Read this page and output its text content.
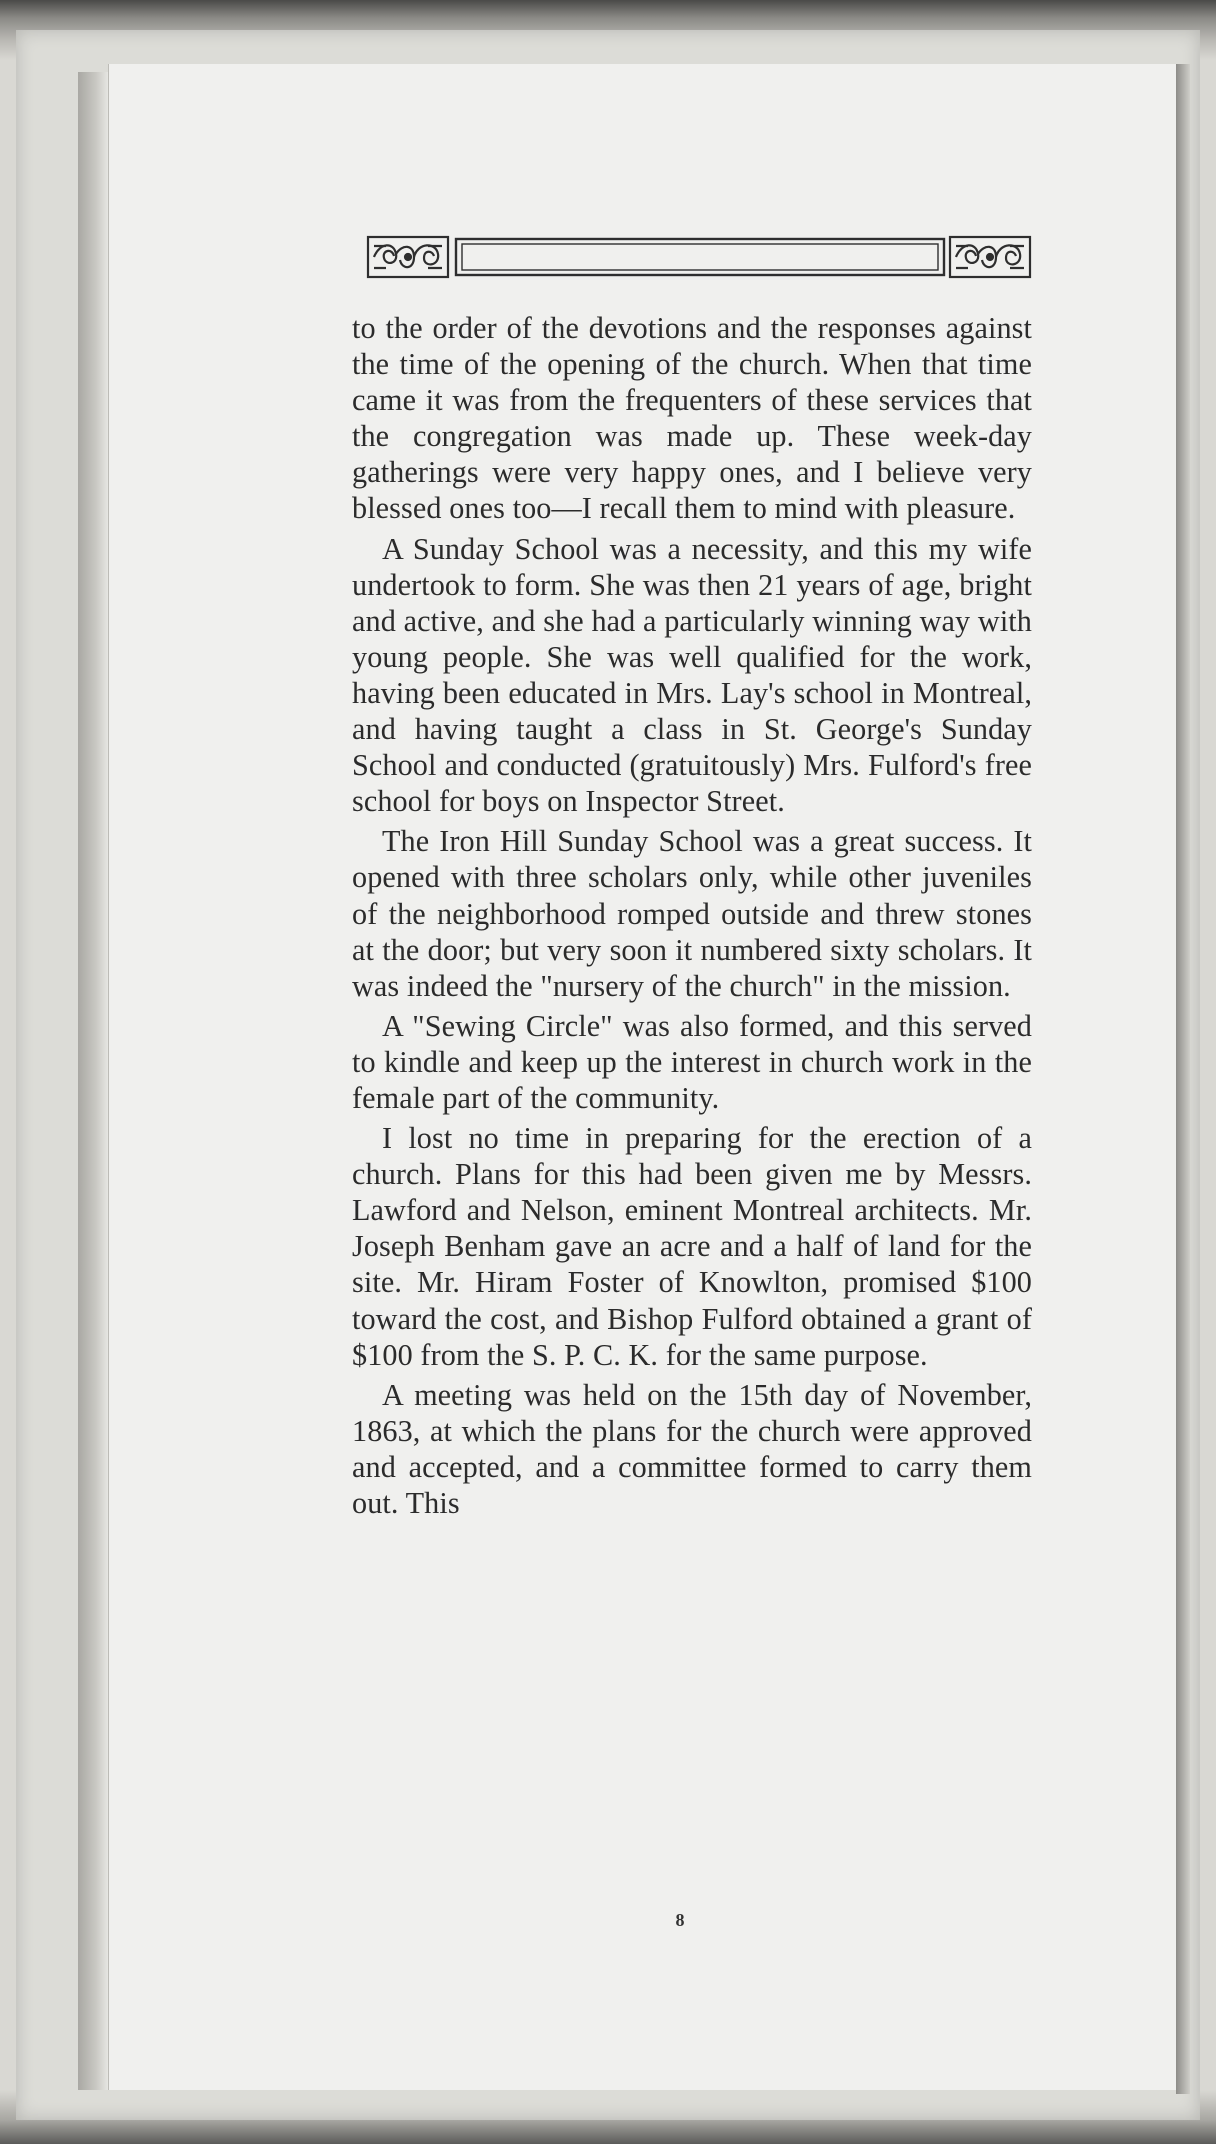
to the order of the devotions and the responses against the time of the opening of the church. When that time came it was from the frequenters of these services that the congregation was made up. These week-day gatherings were very happy ones, and I believe very blessed ones too—I recall them to mind with pleasure.

A Sunday School was a necessity, and this my wife undertook to form. She was then 21 years of age, bright and active, and she had a particularly winning way with young people. She was well qualified for the work, having been educated in Mrs. Lay's school in Montreal, and having taught a class in St. George's Sunday School and conducted (gratuitously) Mrs. Fulford's free school for boys on Inspector Street.

The Iron Hill Sunday School was a great success. It opened with three scholars only, while other juveniles of the neighborhood romped outside and threw stones at the door; but very soon it numbered sixty scholars. It was indeed the "nursery of the church" in the mission.

A "Sewing Circle" was also formed, and this served to kindle and keep up the interest in church work in the female part of the community.

I lost no time in preparing for the erection of a church. Plans for this had been given me by Messrs. Lawford and Nelson, eminent Montreal architects. Mr. Joseph Benham gave an acre and a half of land for the site. Mr. Hiram Foster of Knowlton, promised $100 toward the cost, and Bishop Fulford obtained a grant of $100 from the S. P. C. K. for the same purpose.

A meeting was held on the 15th day of November, 1863, at which the plans for the church were approved and accepted, and a committee formed to carry them out. This

8
